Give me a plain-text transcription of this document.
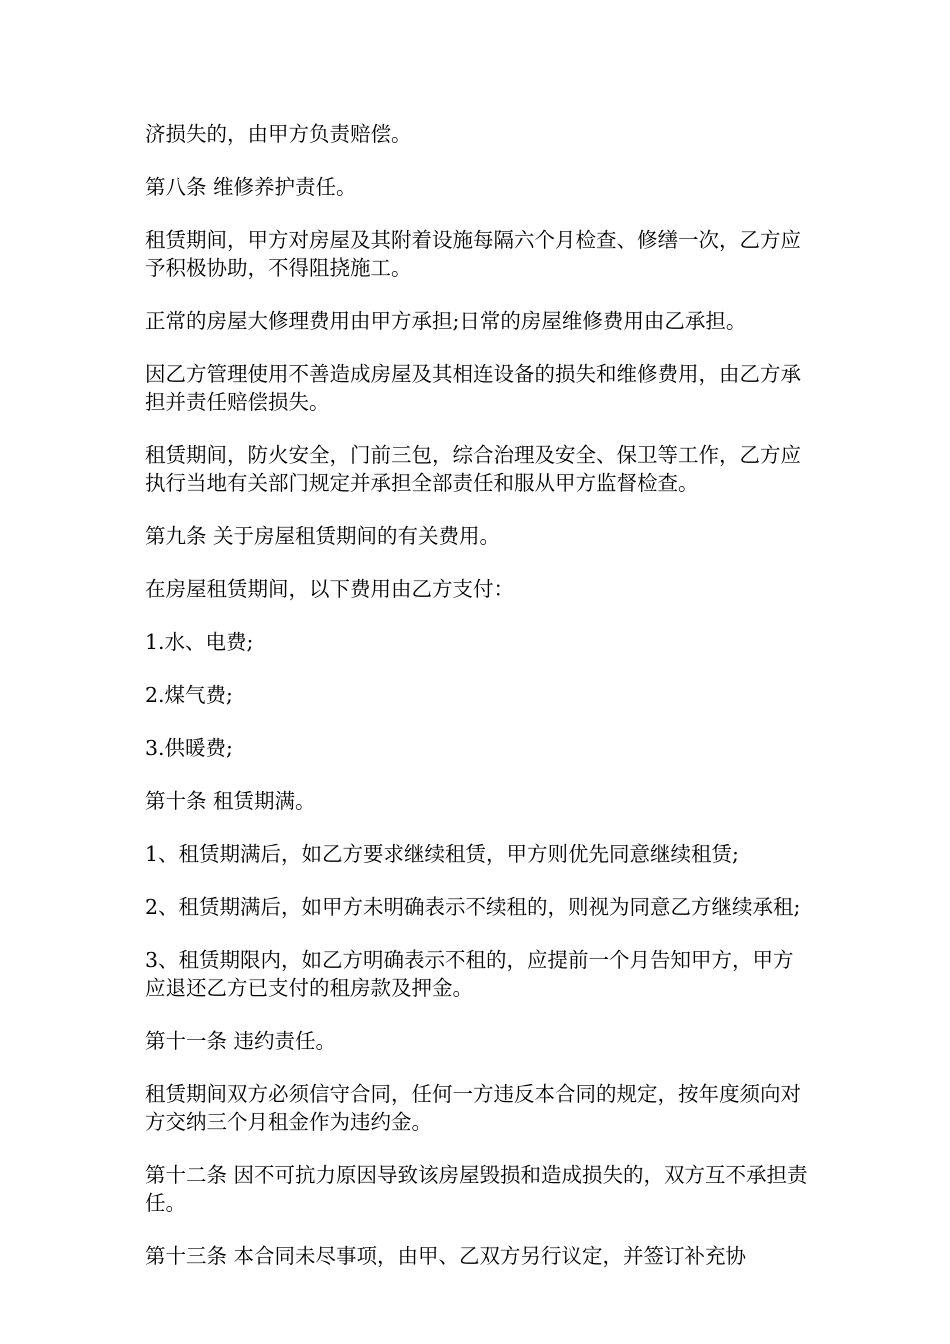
济损失的，由甲方负责赔偿。

第八条 维修养护责任。

租赁期间，甲方对房屋及其附着设施每隔六个月检查、修缮一次，乙方应予积极协助，不得阻挠施工。

正常的房屋大修理费用由甲方承担;日常的房屋维修费用由乙承担。

因乙方管理使用不善造成房屋及其相连设备的损失和维修费用，由乙方承担并责任赔偿损失。

租赁期间，防火安全，门前三包，综合治理及安全、保卫等工作，乙方应执行当地有关部门规定并承担全部责任和服从甲方监督检查。

第九条 关于房屋租赁期间的有关费用。

在房屋租赁期间，以下费用由乙方支付：

1.水、电费;

2.煤气费;

3.供暖费;

第十条 租赁期满。

1、租赁期满后，如乙方要求继续租赁，甲方则优先同意继续租赁;

2、租赁期满后，如甲方未明确表示不续租的，则视为同意乙方继续承租;

3、租赁期限内，如乙方明确表示不租的，应提前一个月告知甲方，甲方应退还乙方已支付的租房款及押金。

第十一条 违约责任。

租赁期间双方必须信守合同，任何一方违反本合同的规定，按年度须向对方交纳三个月租金作为违约金。

第十二条 因不可抗力原因导致该房屋毁损和造成损失的，双方互不承担责任。

第十三条 本合同未尽事项，由甲、乙双方另行议定，并签订补充协
